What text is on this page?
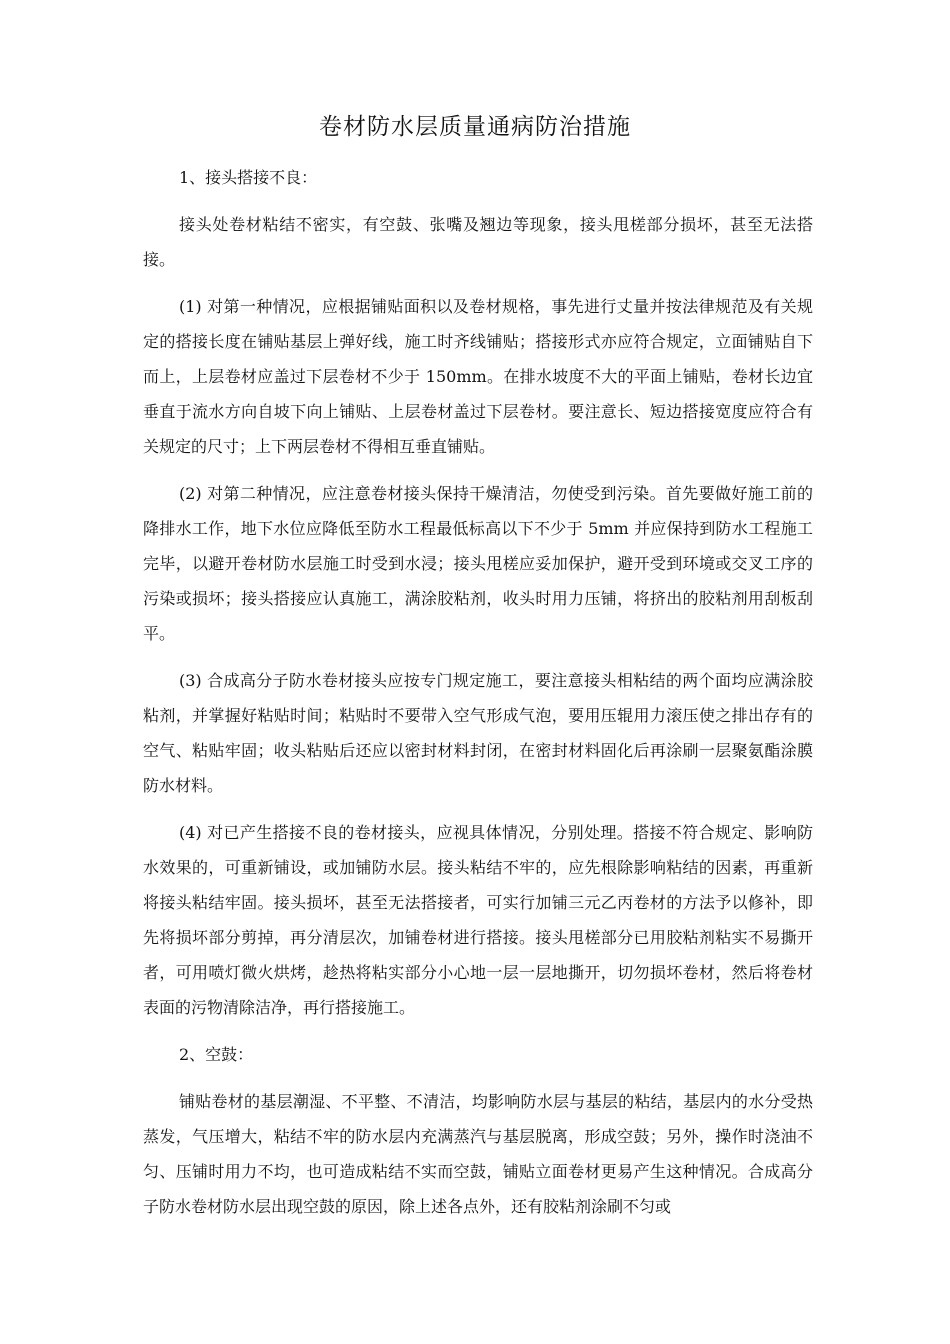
卷材防水层质量通病防治措施

1、接头搭接不良：

接头处卷材粘结不密实，有空鼓、张嘴及翘边等现象，接头甩槎部分损坏，甚至无法搭接。

(1) 对第一种情况，应根据铺贴面积以及卷材规格，事先进行丈量并按法律规范及有关规定的搭接长度在铺贴基层上弹好线，施工时齐线铺贴；搭接形式亦应符合规定，立面铺贴自下而上，上层卷材应盖过下层卷材不少于 150mm。在排水坡度不大的平面上铺贴，卷材长边宜垂直于流水方向自坡下向上铺贴、上层卷材盖过下层卷材。要注意长、短边搭接宽度应符合有关规定的尺寸；上下两层卷材不得相互垂直铺贴。

(2) 对第二种情况，应注意卷材接头保持干燥清洁，勿使受到污染。首先要做好施工前的降排水工作，地下水位应降低至防水工程最低标高以下不少于 5mm 并应保持到防水工程施工完毕，以避开卷材防水层施工时受到水浸；接头甩槎应妥加保护，避开受到环境或交叉工序的污染或损坏；接头搭接应认真施工，满涂胶粘剂，收头时用力压铺，将挤出的胶粘剂用刮板刮平。

(3) 合成高分子防水卷材接头应按专门规定施工，要注意接头相粘结的两个面均应满涂胶粘剂，并掌握好粘贴时间；粘贴时不要带入空气形成气泡，要用压辊用力滚压使之排出存有的空气、粘贴牢固；收头粘贴后还应以密封材料封闭，在密封材料固化后再涂刷一层聚氨酯涂膜防水材料。

(4) 对已产生搭接不良的卷材接头，应视具体情况，分别处理。搭接不符合规定、影响防水效果的，可重新铺设，或加铺防水层。接头粘结不牢的，应先根除影响粘结的因素，再重新将接头粘结牢固。接头损坏，甚至无法搭接者，可实行加铺三元乙丙卷材的方法予以修补，即先将损坏部分剪掉，再分清层次，加铺卷材进行搭接。接头甩槎部分已用胶粘剂粘实不易撕开者，可用喷灯微火烘烤，趁热将粘实部分小心地一层一层地撕开，切勿损坏卷材，然后将卷材表面的污物清除洁净，再行搭接施工。

2、空鼓：

铺贴卷材的基层潮湿、不平整、不清洁，均影响防水层与基层的粘结，基层内的水分受热蒸发，气压增大，粘结不牢的防水层内充满蒸汽与基层脱离，形成空鼓；另外，操作时浇油不匀、压铺时用力不均，也可造成粘结不实而空鼓，铺贴立面卷材更易产生这种情况。合成高分子防水卷材防水层出现空鼓的原因，除上述各点外，还有胶粘剂涂刷不匀或
